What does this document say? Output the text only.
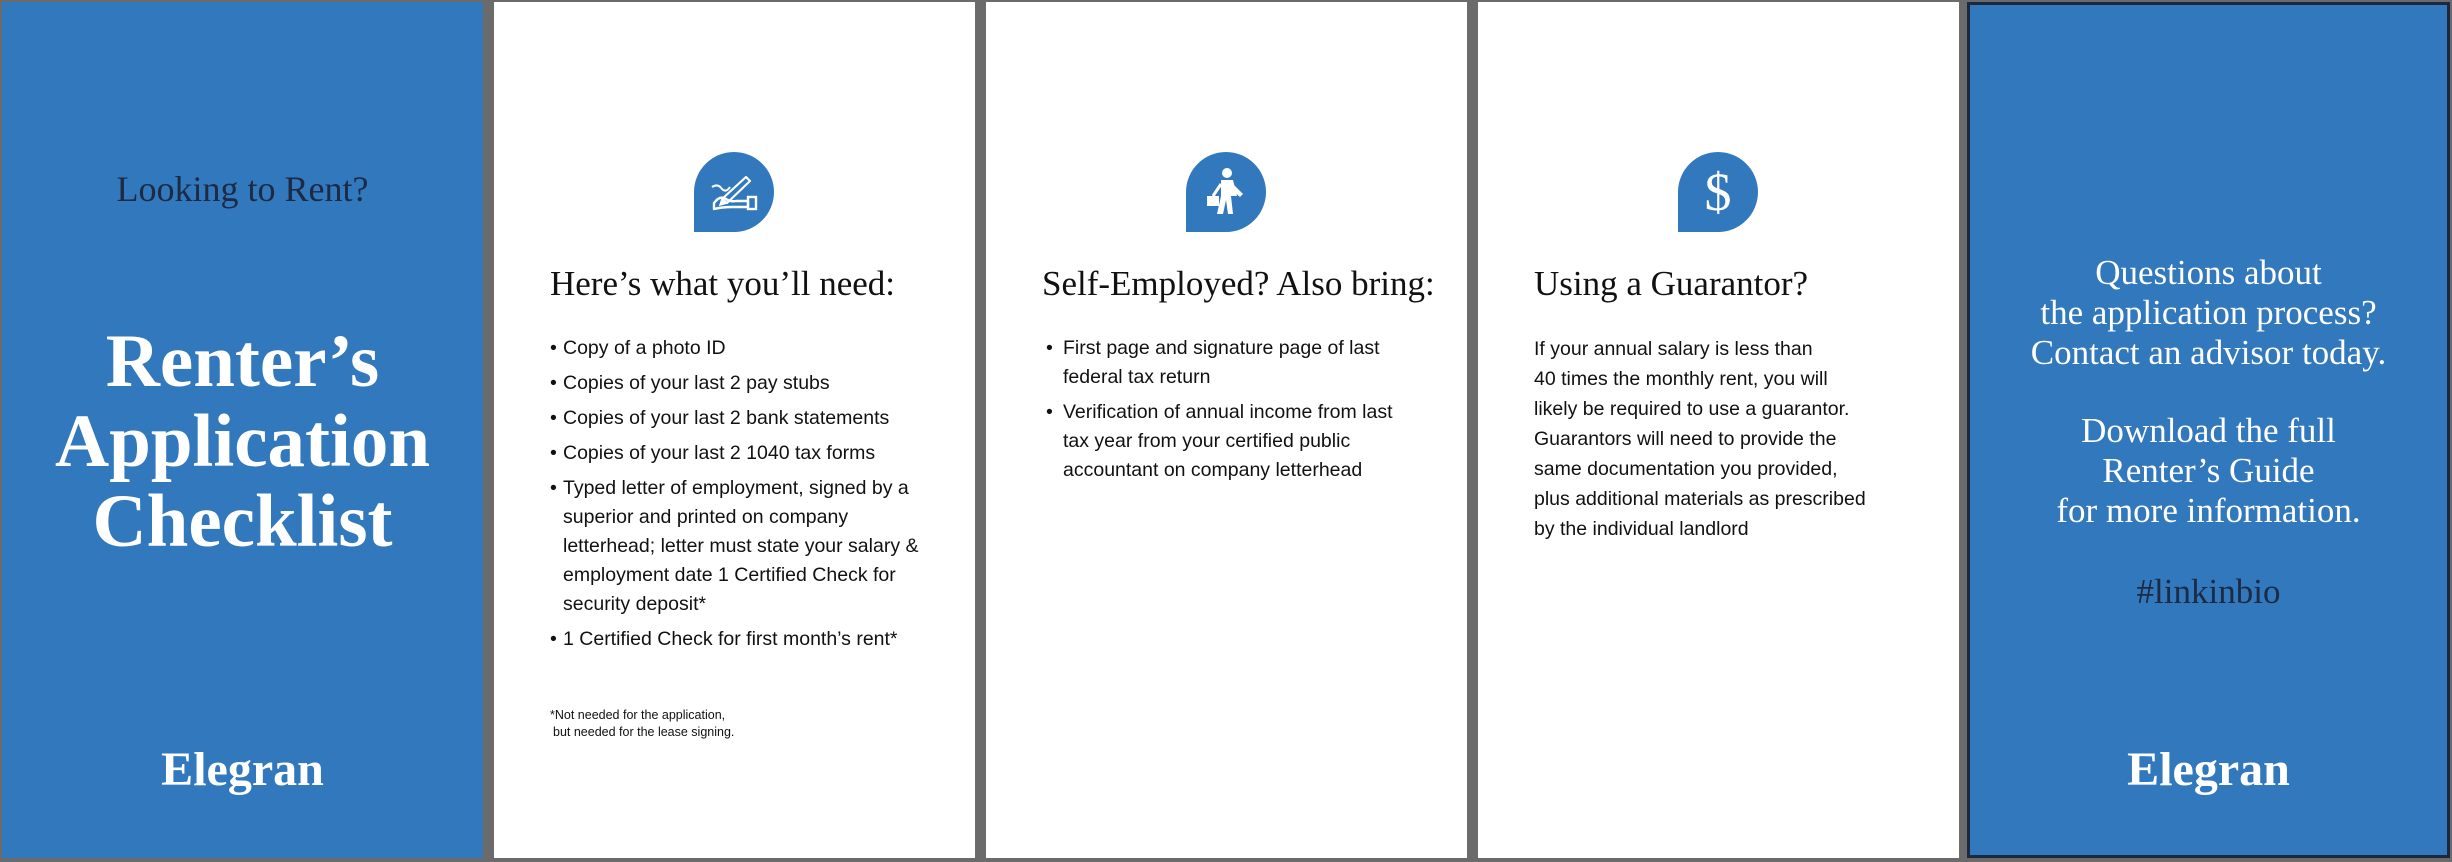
Looking to Rent?
Renter’s
Application
Checklist
Elegran
Here’s what you’ll need:
• Copy of a photo ID
• Copies of your last 2 pay stubs
• Copies of your last 2 bank statements
• Copies of your last 2 1040 tax forms
• Typed letter of employment, signed by a superior and printed on company letterhead; letter must state your salary & employment date 1 Certified Check for security deposit*
• 1 Certified Check for first month’s rent*
*Not needed for the application,
but needed for the lease signing.
Self-Employed? Also bring:
• First page and signature page of last federal tax return
• Verification of annual income from last tax year from your certified public accountant on company letterhead
$
Using a Guarantor?
If your annual salary is less than
40 times the monthly rent, you will
likely be required to use a guarantor.
Guarantors will need to provide the
same documentation you provided,
plus additional materials as prescribed
by the individual landlord
Questions about
the application process?
Contact an advisor today.
Download the full
Renter’s Guide
for more information.
#linkinbio
Elegran
